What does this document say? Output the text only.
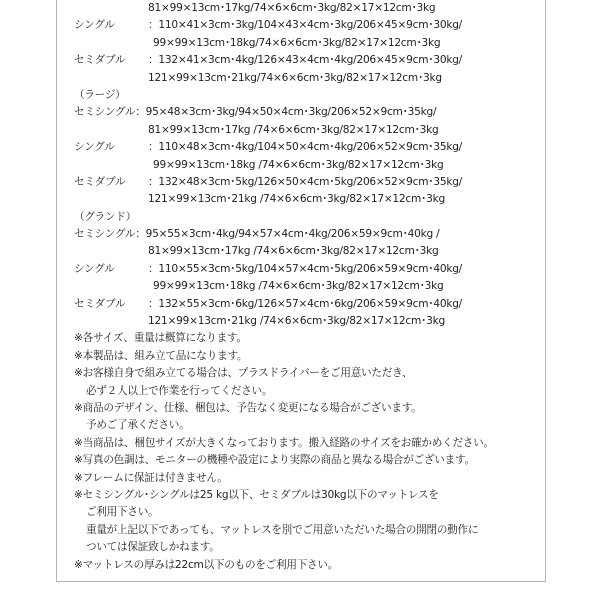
81×99×13cm･17kg/74×6×6cm･3kg/82×17×12cm･3kg
シングル	：110×41×3cm･3kg/104×43×4cm･3kg/206×45×9cm･30kg/
99×99×13cm･18kg/74×6×6cm･3kg/82×17×12cm･3kg
セミダブル	：132×41×3cm･4kg/126×43×4cm･4kg/206×45×9cm･30kg/
121×99×13cm･21kg/74×6×6cm･3kg/82×17×12cm･3kg
（ラージ）
セミシングル ：95×48×3cm･3kg/94×50×4cm･3kg/206×52×9cm･35kg/
81×99×13cm･17kg /74×6×6cm･3kg/82×17×12cm･3kg
シングル	：110×48×3cm･4kg/104×50×4cm･4kg/206×52×9cm･35kg/
99×99×13cm･18kg /74×6×6cm･3kg/82×17×12cm･3kg
セミダブル	：132×48×3cm･5kg/126×50×4cm･5kg/206×52×9cm･35kg/
121×99×13cm･21kg /74×6×6cm･3kg/82×17×12cm･3kg
（グランド）
セミシングル ：95×55×3cm･4kg/94×57×4cm･4kg/206×59×9cm･40kg /
81×99×13cm･17kg /74×6×6cm･3kg/82×17×12cm･3kg
シングル	：110×55×3cm･5kg/104×57×4cm･5kg/206×59×9cm･40kg/
99×99×13cm･18kg /74×6×6cm･3kg/82×17×12cm･3kg
セミダブル	：132×55×3cm･6kg/126×57×4cm･6kg/206×59×9cm･40kg/
121×99×13cm･21kg /74×6×6cm･3kg/82×17×12cm･3kg
※各サイズ、重量は概算になります。
※本製品は、組み立て品になります。
※お客様自身で組み立てる場合は、プラスドライバーをご用意いただき、
必ず２人以上で作業を行ってください。
※商品のデザイン、仕様、梱包は、予告なく変更になる場合がございます。
予めご了承ください。
※当商品は、梱包サイズが大きくなっております。搬入経路のサイズをお確かめください。
※写真の色調は、モニターの機種や設定により実際の商品と異なる場合がございます。
※フレームに保証は付きません。
※セミシングル･シングルは25 kg以下、セミダブルは30kg以下のマットレスを
ご利用下さい。
重量が上記以下であっても、マットレスを別でご用意いただいた場合の開閉の動作に
ついては保証致しかねます。
※マットレスの厚みは22cm以下のものをご利用下さい。
